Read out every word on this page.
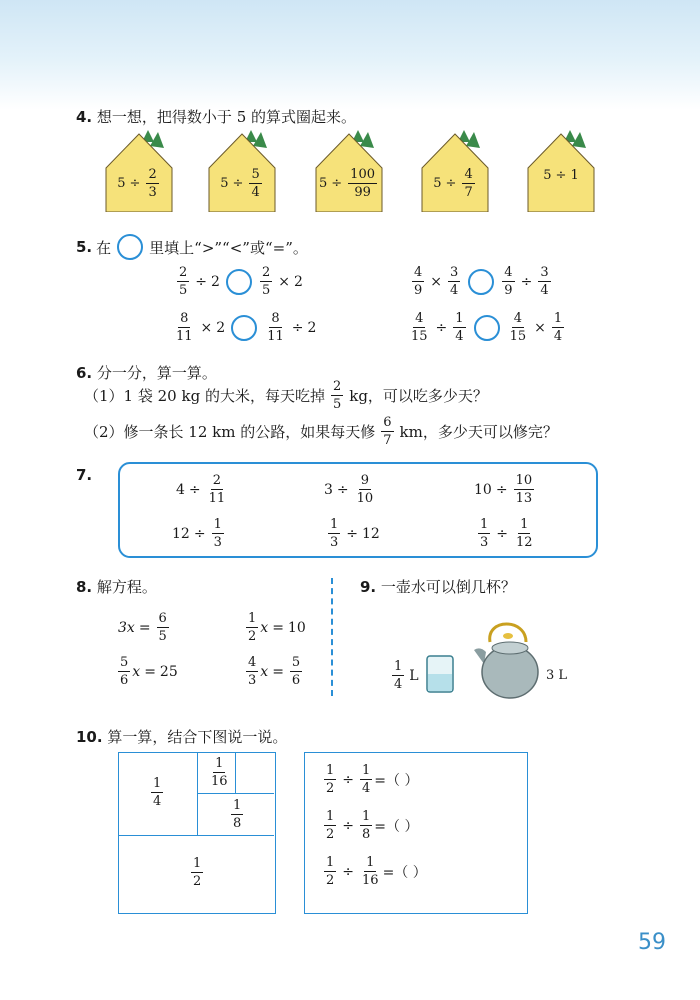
4. 想一想，把得数小于 5 的算式圈起来。
$5 \div \frac{2}{3}$	$5 \div \frac{5}{4}$	$5 \div \frac{100}{99}$	$5 \div \frac{4}{7}$	5 ÷ 1
5. 在	里填上“>”“<”或“=”。
$\frac{2}{5} \div 2$	$\frac{2}{5} \times 2$	$\frac{4}{9} \times \frac{3}{4}$	$\frac{4}{9} \div \frac{3}{4}$
$\frac{8}{11} \times 2$	$\frac{8}{11} \div 2$	$\frac{4}{15} \div \frac{1}{4}$	$\frac{4}{15} \times \frac{1}{4}$
6. 分一分，算一算。
（1）1 袋 20 kg 的大米，每天吃掉 $\frac{2}{5}$ kg，可以吃多少天？
（2）修一条长 12 km 的公路，如果每天修 $\frac{6}{7}$ km，多少天可以修完？
7.
$4 \div \frac{2}{11}$	$3 \div \frac{9}{10}$	$10 \div \frac{10}{13}$
$12 \div \frac{1}{3}$	$\frac{1}{3} \div 12$	$\frac{1}{3} \div \frac{1}{12}$
8. 解方程。
$3x = \frac{6}{5}$	$\frac{1}{2}$ x = 10
$\frac{5}{6}$ x = 25	$\frac{4}{3}$ $x = \frac{5}{6}$
9. 一壶水可以倒几杯？
$\frac{1}{4}$ L	3 L
10. 算一算，结合下图说一说。
$\frac{1}{4}$
$\frac{1}{16}$
$\frac{1}{8}$
$\frac{1}{2}$
$\frac{1}{2} \div \frac{1}{4}$ =（ ）
$\frac{1}{2} \div \frac{1}{8}$ =（ ）
$\frac{1}{2} \div \frac{1}{16}$ =（ ）
59
